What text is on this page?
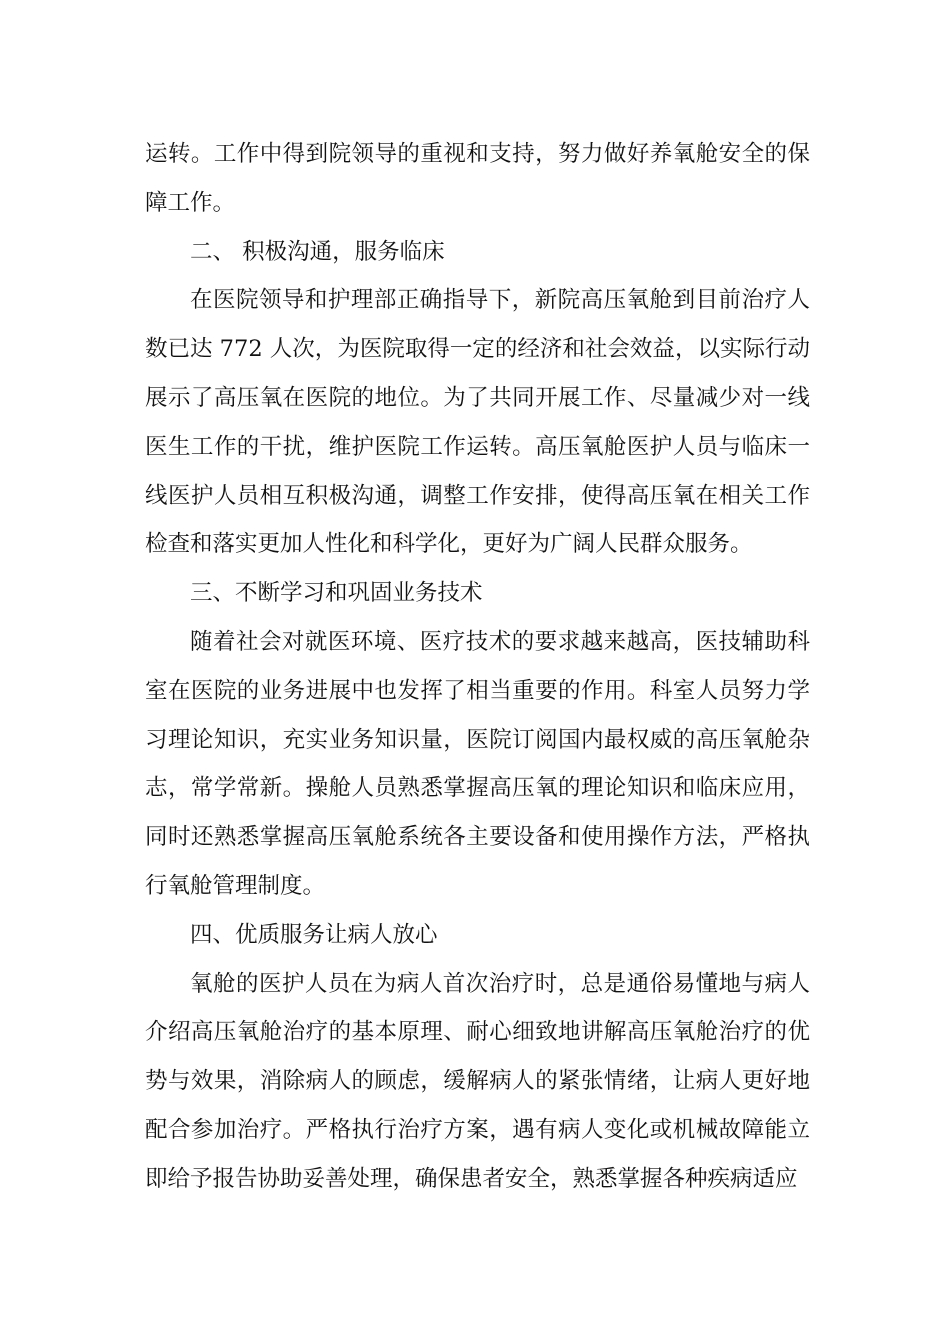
运转。工作中得到院领导的重视和支持，努力做好养氧舱安全的保障工作。

二、 积极沟通，服务临床

在医院领导和护理部正确指导下，新院高压氧舱到目前治疗人数已达 772 人次，为医院取得一定的经济和社会效益，以实际行动展示了高压氧在医院的地位。为了共同开展工作、尽量减少对一线医生工作的干扰，维护医院工作运转。高压氧舱医护人员与临床一线医护人员相互积极沟通，调整工作安排，使得高压氧在相关工作检查和落实更加人性化和科学化，更好为广阔人民群众服务。

三、不断学习和巩固业务技术

随着社会对就医环境、医疗技术的要求越来越高，医技辅助科室在医院的业务进展中也发挥了相当重要的作用。科室人员努力学习理论知识，充实业务知识量，医院订阅国内最权威的高压氧舱杂志，常学常新。操舱人员熟悉掌握高压氧的理论知识和临床应用，同时还熟悉掌握高压氧舱系统各主要设备和使用操作方法，严格执行氧舱管理制度。

四、优质服务让病人放心

氧舱的医护人员在为病人首次治疗时，总是通俗易懂地与病人介绍高压氧舱治疗的基本原理、耐心细致地讲解高压氧舱治疗的优势与效果，消除病人的顾虑，缓解病人的紧张情绪，让病人更好地配合参加治疗。严格执行治疗方案，遇有病人变化或机械故障能立即给予报告协助妥善处理，确保患者安全，熟悉掌握各种疾病适应
